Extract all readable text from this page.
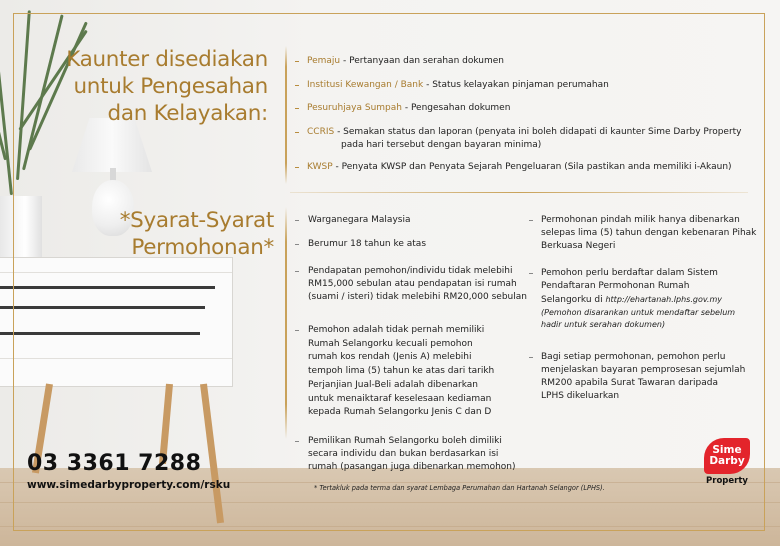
Kaunter disediakan
untuk Pengesahan
dan Kelayakan:
*Syarat-Syarat
Permohonan*
Pemaju - Pertanyaan dan serahan dokumen
Institusi Kewangan / Bank - Status kelayakan pinjaman perumahan
Pesuruhjaya Sumpah - Pengesahan dokumen
CCRIS - Semakan status dan laporan (penyata ini boleh didapati di kaunter Sime Darby Property
pada hari tersebut dengan bayaran minima)
KWSP - Penyata KWSP dan Penyata Sejarah Pengeluaran (Sila pastikan anda memiliki i-Akaun)
Warganegara Malaysia
Berumur 18 tahun ke atas
Pendapatan pemohon/individu tidak melebihi
RM15,000 sebulan atau pendapatan isi rumah
(suami / isteri) tidak melebihi RM20,000 sebulan
Pemohon adalah tidak pernah memiliki
Rumah Selangorku kecuali pemohon
rumah kos rendah (Jenis A) melebihi
tempoh lima (5) tahun ke atas dari tarikh
Perjanjian Jual-Beli adalah dibenarkan
untuk menaiktaraf keselesaan kediaman
kepada Rumah Selangorku Jenis C dan D
Pemilikan Rumah Selangorku boleh dimiliki
secara individu dan bukan berdasarkan isi
rumah (pasangan juga dibenarkan memohon)
Permohonan pindah milik hanya dibenarkan
selepas lima (5) tahun dengan kebenaran Pihak
Berkuasa Negeri
Pemohon perlu berdaftar dalam Sistem
Pendaftaran Permohonan Rumah
Selangorku di http://ehartanah.lphs.gov.my
(Pemohon disarankan untuk mendaftar sebelum
hadir untuk serahan dokumen)
Bagi setiap permohonan, pemohon perlu
menjelaskan bayaran pemprosesan sejumlah
RM200 apabila Surat Tawaran daripada
LPHS dikeluarkan
03 3361 7288
www.simedarbyproperty.com/rsku	* Tertakluk pada terma dan syarat Lembaga Perumahan dan Hartanah Selangor (LPHS).
Sime
Darby
Property
